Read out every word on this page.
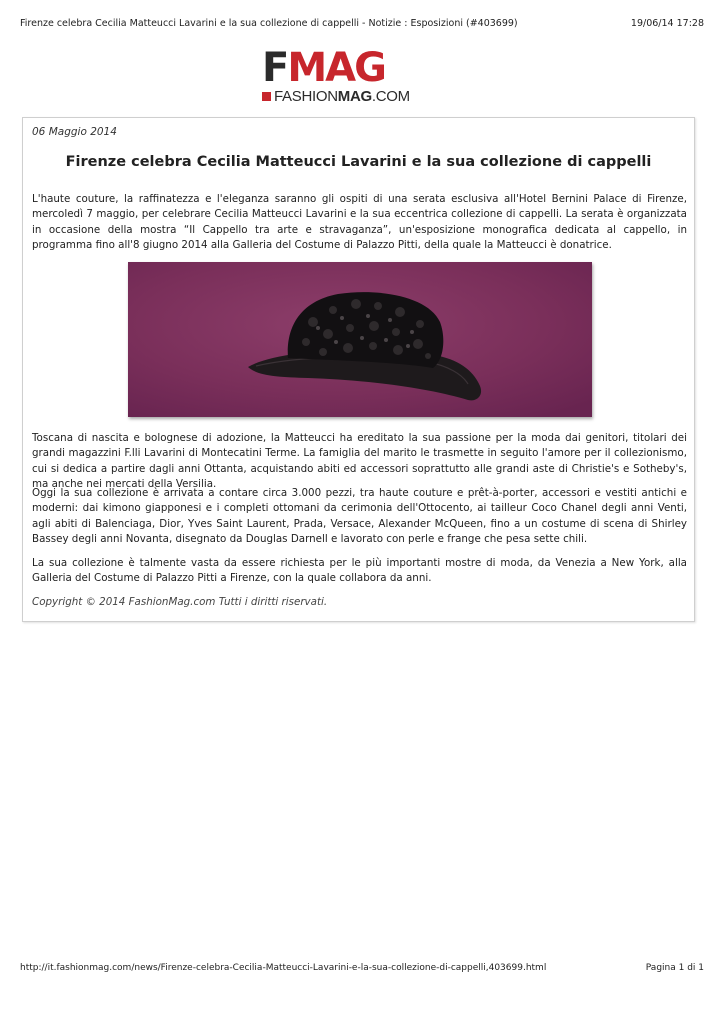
Firenze celebra Cecilia Matteucci Lavarini e la sua collezione di cappelli - Notizie : Esposizioni (#403699)	19/06/14 17:28
F MAG
FASHION MAG .COM
06 Maggio 2014
Firenze celebra Cecilia Matteucci Lavarini e la sua collezione di cappelli

L'haute couture, la raffinatezza e l'eleganza saranno gli ospiti di una serata esclusiva all'Hotel Bernini Palace di Firenze, mercoledì 7 maggio, per celebrare Cecilia Matteucci Lavarini e la sua eccentrica collezione di cappelli. La serata è organizzata in occasione della mostra “Il Cappello tra arte e stravaganza”, un'esposizione monografica dedicata al cappello, in programma fino all'8 giugno 2014 alla Galleria del Costume di Palazzo Pitti, della quale la Matteucci è donatrice.

Toscana di nascita e bolognese di adozione, la Matteucci ha ereditato la sua passione per la moda dai genitori, titolari dei grandi magazzini F.lli Lavarini di Montecatini Terme. La famiglia del marito le trasmette in seguito l'amore per il collezionismo, cui si dedica a partire dagli anni Ottanta, acquistando abiti ed accessori soprattutto alle grandi aste di Christie's e Sotheby's, ma anche nei mercati della Versilia.

Oggi la sua collezione è arrivata a contare circa 3.000 pezzi, tra haute couture e prêt-à-porter, accessori e vestiti antichi e moderni: dai kimono giapponesi e i completi ottomani da cerimonia dell'Ottocento, ai tailleur Coco Chanel degli anni Venti, agli abiti di Balenciaga, Dior, Yves Saint Laurent, Prada, Versace, Alexander McQueen, fino a un costume di scena di Shirley Bassey degli anni Novanta, disegnato da Douglas Darnell e lavorato con perle e frange che pesa sette chili.

La sua collezione è talmente vasta da essere richiesta per le più importanti mostre di moda, da Venezia a New York, alla Galleria del Costume di Palazzo Pitti a Firenze, con la quale collabora da anni.

Copyright © 2014 FashionMag.com Tutti i diritti riservati.
http://it.fashionmag.com/news/Firenze-celebra-Cecilia-Matteucci-Lavarini-e-la-sua-collezione-di-cappelli,403699.html	Pagina 1 di 1
